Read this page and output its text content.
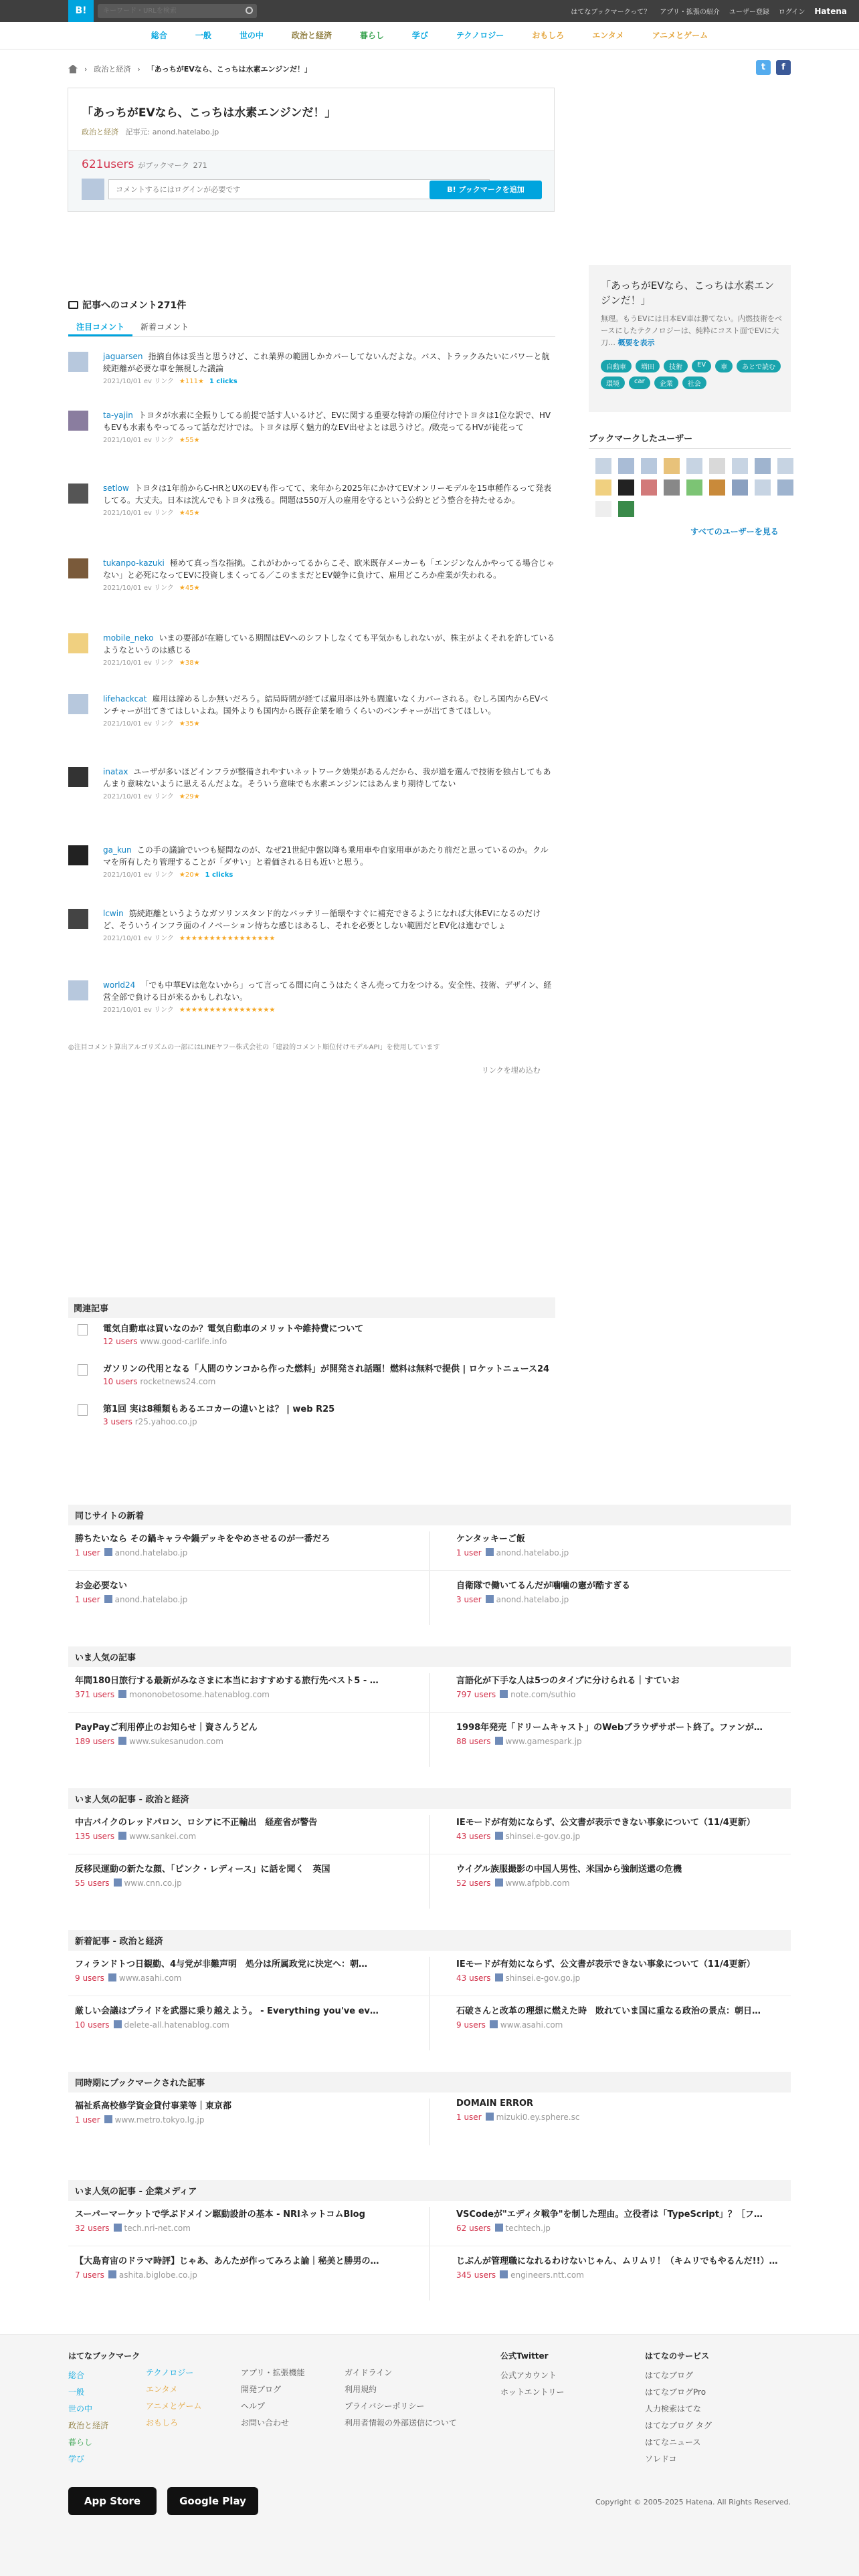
B!
キーワード・URLを検索	はてなブックマークって？ アプリ・拡張の紹介 ユーザー登録 ログイン Hatena
総合	一般	世の中	政治と経済	暮らし	学び	テクノロジー	おもしろ	エンタメ	アニメとゲーム
› 政治と経済 › 「あっちがEVなら、こっちは水素エンジンだ！」	t	f
「あっちがEVなら、こっちは水素エンジンだ！」
政治と経済 記事元: anond.hatelabo.jp
621users がブックマーク 271
コメントするにはログインが必要です
B! ブックマークを追加
記事へのコメント271件
注目コメント	新着コメント
jaguarsen 指摘自体は妥当と思うけど、これ業界の範囲しかカバーしてないんだよな。バス、トラックみたいにパワーと航続距離が必要な車を無視した議論
2021/10/01 ev リンク ★111★ 1 clicks
ta-yajin トヨタが水素に全振りしてる前提で話す人いるけど、EVに関する重要な特許の順位付けでトヨタは1位な訳で、HVもEVも水素もやってるって話なだけでは。トヨタは厚く魅力的なEV出せよとは思うけど。/敗売ってるHVが徒花って
2021/10/01 ev リンク ★55★
setlow トヨタは1年前からC-HRとUXのEVも作ってて、来年から2025年にかけてEVオンリーモデルを15車種作るって発表してる。大丈夫。日本は沈んでもトヨタは残る。問題は550万人の雇用を守るという公約とどう整合を持たせるか。
2021/10/01 ev リンク ★45★
tukanpo-kazuki 極めて真っ当な指摘。これがわかってるからこそ、欧米既存メーカーも「エンジンなんかやってる場合じゃない」と必死になってEVに投資しまくってる／このままだとEV競争に負けて、雇用どころか産業が失われる。
2021/10/01 ev リンク ★45★
mobile_neko いまの要部が在籍している期間はEVへのシフトしなくても平気かもしれないが、株主がよくそれを許しているようなというのは感じる
2021/10/01 ev リンク ★38★
lifehackcat 雇用は諦めるしか無いだろう。結局時間が経てば雇用率は外も間違いなく力バーされる。むしろ国内からEVベンチャーが出てきてはしいよね。国外よりも国内から既存企業を喰うくらいのベンチャーが出てきてほしい。
2021/10/01 ev リンク ★35★
inatax ユーザが多いほどインフラが整備されやすいネットワーク効果があるんだから、我が道を選んで技術を独占してもあんまり意味ないように思えるんだよな。そういう意味でも水素エンジンにはあんまり期待してない
2021/10/01 ev リンク ★29★
ga_kun この手の議論でいつも疑問なのが、なぜ21世紀中盤以降も乗用車や自家用車があたり前だと思っているのか。クルマを所有したり管理することが「ダサい」と着価される日も近いと思う。
2021/10/01 ev リンク ★20★ 1 clicks
lcwin 筋続距離というようなガソリンスタンド的なバッテリー循環やすぐに補充できるようになれば大体EVになるのだけど、そういうインフラ面のイノベーション待ちな感じはあるし、それを必要としない範囲だとEV化は進むでしょ
2021/10/01 ev リンク ★★★★★★★★★★★★★★★★
world24 「でも中華EVは危ないから」って言ってる間に向こうはたくさん売って力をつける。安全性、技術、デザイン、経営全部で負ける日が来るかもしれない。
2021/10/01 ev リンク ★★★★★★★★★★★★★★★★
◎注目コメント算出アルゴリズムの一部にはLINEヤフー株式会社の「建設的コメント順位付けモデルAPI」を使用しています
リンクを埋め込む
「あっちがEVなら、こっちは水素エンジンだ！」

無理。もうEVには日本EV車は勝てない。内燃技術をベースにしたテクノロジーは、純粋にコスト面でEVに大刀… 概要を表示

自動車	増田	技術	EV	車	あとで読む
環境	car	企業	社会
ブックマークしたユーザー
すべてのユーザーを見る
関連記事
電気自動車は買いなのか？電気自動車のメリットや維持費について
12 users www.good-carlife.info
ガソリンの代用となる「人間のウンコから作った燃料」が開発され話題！燃料は無料で提供 | ロケットニュース24
10 users rocketnews24.com
第1回 実は8種類もあるエコカーの違いとは？ | web R25
3 users r25.yahoo.co.jp
同じサイトの新着
勝ちたいなら その鍋キャラや鍋デッキをやめさせるのが一番だろ
1 user anond.hatelabo.jp
ケンタッキーご飯
1 user anond.hatelabo.jp
お金必要ない
1 user anond.hatelabo.jp
自衛隊で働いてるんだが噛噛の憲が酷すぎる
3 user anond.hatelabo.jp
いま人気の記事
年間180日旅行する最新がみなさまに本当におすすめする旅行先ベスト5 - …
371 users mononobetosome.hatenablog.com
言語化が下手な人は5つのタイプに分けられる｜すていお
797 users note.com/suthio
PayPayご利用停止のお知らせ｜資さんうどん
189 users www.sukesanudon.com
1998年発売「ドリームキャスト」のWebブラウザサポート終了。ファンが…
88 users www.gamespark.jp
いま人気の記事 - 政治と経済
中古バイクのレッドパロン、ロシアに不正輸出　経産省が警告
135 users www.sankei.com
IEモードが有効にならず、公文書が表示できない事象について（11/4更新）
43 users shinsei.e-gov.go.jp
反移民運動の新たな顔、「ピンク・レディース」に話を聞く　英国
55 users www.cnn.co.jp
ウイグル族服撮影の中国人男性、米国から強制送還の危機
52 users www.afpbb.com
新着記事 - 政治と経済
フィランドトつ日観勤、4与党が非難声明　処分は所属政党に決定へ：朝…
9 users www.asahi.com
IEモードが有効にならず、公文書が表示できない事象について（11/4更新）
43 users shinsei.e-gov.go.jp
厳しい会議はプライドを武器に乗り越えよう。 - Everything you've ev…
10 users delete-all.hatenablog.com
石破さんと改革の理想に燃えた時　敗れていま国に重なる政治の景点：朝日…
9 users www.asahi.com
同時期にブックマークされた記事
福祉系高校修学資金貸付事業等｜東京都
1 user www.metro.tokyo.lg.jp
DOMAIN ERROR
1 user mizuki0.ey.sphere.sc
いま人気の記事 - 企業メディア
スーパーマーケットで学ぶドメイン駆動設計の基本 - NRIネットコムBlog
32 users tech.nri-net.com
VSCodeが"エディタ戦争"を制した理由。立役者は「TypeScript」？［フ…
62 users techtech.jp
【大島育宙のドラマ時評】じゃあ、あんたが作ってみろよ論｜秘美と勝男の…
7 users ashita.biglobe.co.jp
じぶんが管理職になれるわけないじゃん、ムリムリ！（キムリでもやるんだ!!）…
345 users engineers.ntt.com
はてなブックマーク
総合
一般
世の中
政治と経済
暮らし
学び
テクノロジー
エンタメ
アニメとゲーム
おもしろ
アプリ・拡張機能
開発ブログ
ヘルプ
お問い合わせ
ガイドライン
利用規約
プライバシーポリシー
利用者情報の外部送信について
公式Twitter
公式アカウント
ホットエントリー
はてなのサービス
はてなブログ
はてなブログPro
人力検索はてな
はてなブログ タグ
はてなニュース
ソレドコ
App Store	Google Play	Copyright © 2005-2025 Hatena. All Rights Reserved.
